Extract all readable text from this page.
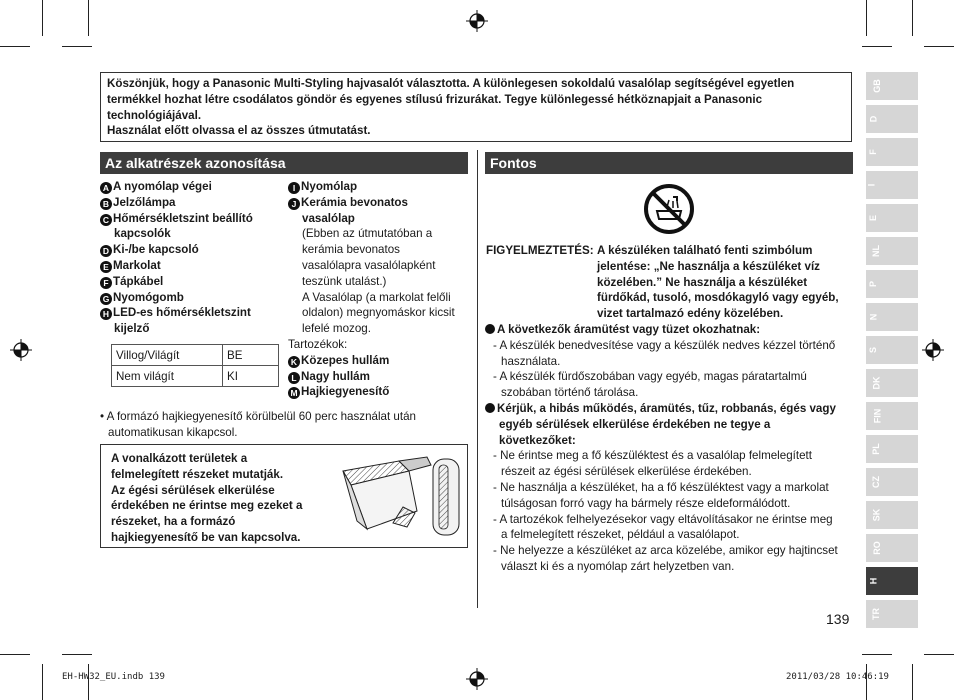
Köszönjük, hogy a Panasonic Multi-Styling hajvasalót választotta. A különlegesen sokoldalú vasalólap segítségével egyetlen
termékkel hozhat létre csodálatos göndör és egyenes stílusú frizurákat. Tegye különlegessé hétköznapjait a Panasonic
technológiájával.
Használat előtt olvassa el az összes útmutatást.
Az alkatrészek azonosítása
A A nyomólap végei
B Jelzőlámpa
C Hőmérsékletszint beállító
kapcsolók
D Ki-/be kapcsoló
E Markolat
F Tápkábel
G Nyomógomb
H LED-es hőmérsékletszint
kijelző
I Nyomólap
J Kerámia bevonatos
vasalólap
(Ebben az útmutatóban a
kerámia bevonatos
vasalólapra vasalólapként
teszünk utalást.)
A Vasalólap (a markolat felőli
oldalon) megnyomáskor kicsit
lefelé mozog.
Tartozékok:
K Közepes hullám
L Nagy hullám
M Hajkiegyenesítő
Villog/Világít	BE
Nem világít	KI
• A formázó hajkiegyenesítő körülbelül 60 perc használat után
automatikusan kikapcsol.
A vonalkázott területek a
felmelegített részeket mutatják.
Az égési sérülések elkerülése
érdekében ne érintse meg ezeket a
részeket, ha a formázó
hajkiegyenesítő be van kapcsolva.
Fontos
FIGYELMEZTETÉS: A készüléken található fenti szimbólum
jelentése: „Ne használja a készüléket víz
közelében.” Ne használja a készüléket
fürdőkád, tusoló, mosdókagyló vagy egyéb,
vizet tartalmazó edény közelében.
A következők áramütést vagy tüzet okozhatnak:
- A készülék benedvesítése vagy a készülék nedves kézzel történő
használata.
- A készülék fürdőszobában vagy egyéb, magas páratartalmú
szobában történő tárolása.
Kérjük, a hibás működés, áramütés, tűz, robbanás, égés vagy
egyéb sérülések elkerülése érdekében ne tegye a
következőket:
- Ne érintse meg a fő készüléktest és a vasalólap felmelegített
részeit az égési sérülések elkerülése érdekében.
- Ne használja a készüléket, ha a fő készüléktest vagy a markolat
túlságosan forró vagy ha bármely része eldeformálódott.
- A tartozékok felhelyezésekor vagy eltávolításakor ne érintse meg
a felmelegített részeket, például a vasalólapot.
- Ne helyezze a készüléket az arca közelébe, amikor egy hajtincset
választ ki és a nyomólap zárt helyzetben van.
GB
D
F
I
E
NL
P
N
S
DK
FIN
PL
CZ
SK
RO
H
TR
139
EH-HW32_EU.indb 139	2011/03/28 10:46:19
